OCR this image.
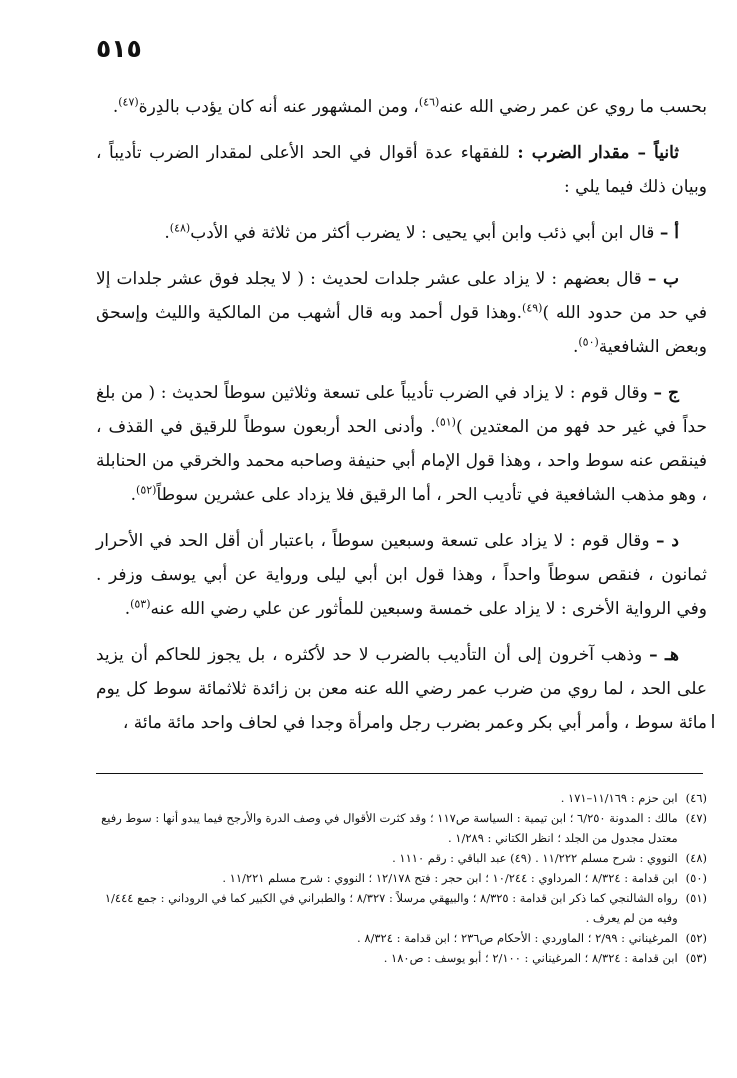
٥١٥

بحسب ما روي عن عمر رضي الله عنه$^{(٤٦)}$، ومن المشهور عنه أنه كان يؤدب بالدِرة$^{(٤٧)}$.

ثانياً – مقدار الضرب : للفقهاء عدة أقوال في الحد الأعلى لمقدار الضرب تأديباً ، وبيان ذلك فيما يلي :

أ – قال ابن أبي ذئب وابن أبي يحيى : لا يضرب أكثر من ثلاثة في الأدب$^{(٤٨)}$.

ب – قال بعضهم : لا يزاد على عشر جلدات لحديث : ( لا يجلد فوق عشر جلدات إلا في حد من حدود الله )$^{(٤٩)}$.وهذا قول أحمد وبه قال أشهب من المالكية والليث وإسحق وبعض الشافعية$^{(٥٠)}$.

ج – وقال قوم : لا يزاد في الضرب تأديباً على تسعة وثلاثين سوطاً لحديث : ( من بلغ حداً في غير حد فهو من المعتدين )$^{(٥١)}$. وأدنى الحد أربعون سوطاً للرقيق في القذف ، فينقص عنه سوط واحد ، وهذا قول الإمام أبي حنيفة وصاحبه محمد والخرقي من الحنابلة ، وهو مذهب الشافعية في تأديب الحر ، أما الرقيق فلا يزداد على عشرين سوطاً$^{(٥٢)}$.

د – وقال قوم : لا يزاد على تسعة وسبعين سوطاً ، باعتبار أن أقل الحد في الأحرار ثمانون ، فنقص سوطاً واحداً ، وهذا قول ابن أبي ليلى ورواية عن أبي يوسف وزفر . وفي الرواية الأخرى : لا يزاد على خمسة وسبعين للمأثور عن علي رضي الله عنه$^{(٥٣)}$.

هـ – وذهب آخرون إلى أن التأديب بالضرب لا حد لأكثره ، بل يجوز للحاكم أن يزيد على الحد ، لما روي من ضرب عمر رضي الله عنه معن بن زائدة ثلاثمائة سوط كل يوم مائة سوط ، وأمر أبي بكر وعمر بضرب رجل وامرأة وجدا في لحاف واحد مائة مائة ،

(٤٦)
ابن حزم : ١١/١٦٩–١٧١ .
(٤٧)
مالك : المدونة ٦/٢٥٠ ؛ ابن تيمية : السياسة ص١١٧ ؛ وقد كثرت الأقوال في وصف الدرة والأرجح فيما يبدو أنها : سوط رفيع معتدل مجدول من الجلد ؛ انظر الكتاني : ١/٢٨٩ .
(٤٨)
النووي : شرح مسلم ١١/٢٢٢ . (٤٩) عبد الباقي : رقم ١١١٠ .
(٥٠)
ابن قدامة : ٨/٣٢٤ ؛ المرداوي : ١٠/٢٤٤ ؛ ابن حجر : فتح ١٢/١٧٨ ؛ النووي : شرح مسلم ١١/٢٢١ .
(٥١)
رواه الشالنجي كما ذكر ابن قدامة : ٨/٣٢٥ ؛ والبيهقي مرسلاً : ٨/٣٢٧ ؛ والطبراني في الكبير كما في الروداني : جمع ١/٤٤٤ وفيه من لم يعرف .
(٥٢)
المرغيناني : ٢/٩٩ ؛ الماوردي : الأحكام ص٢٣٦ ؛ ابن قدامة : ٨/٣٢٤ .
(٥٣)
ابن قدامة : ٨/٣٢٤ ؛ المرغيناني : ٢/١٠٠ ؛ أبو يوسف : ص١٨٠ .
